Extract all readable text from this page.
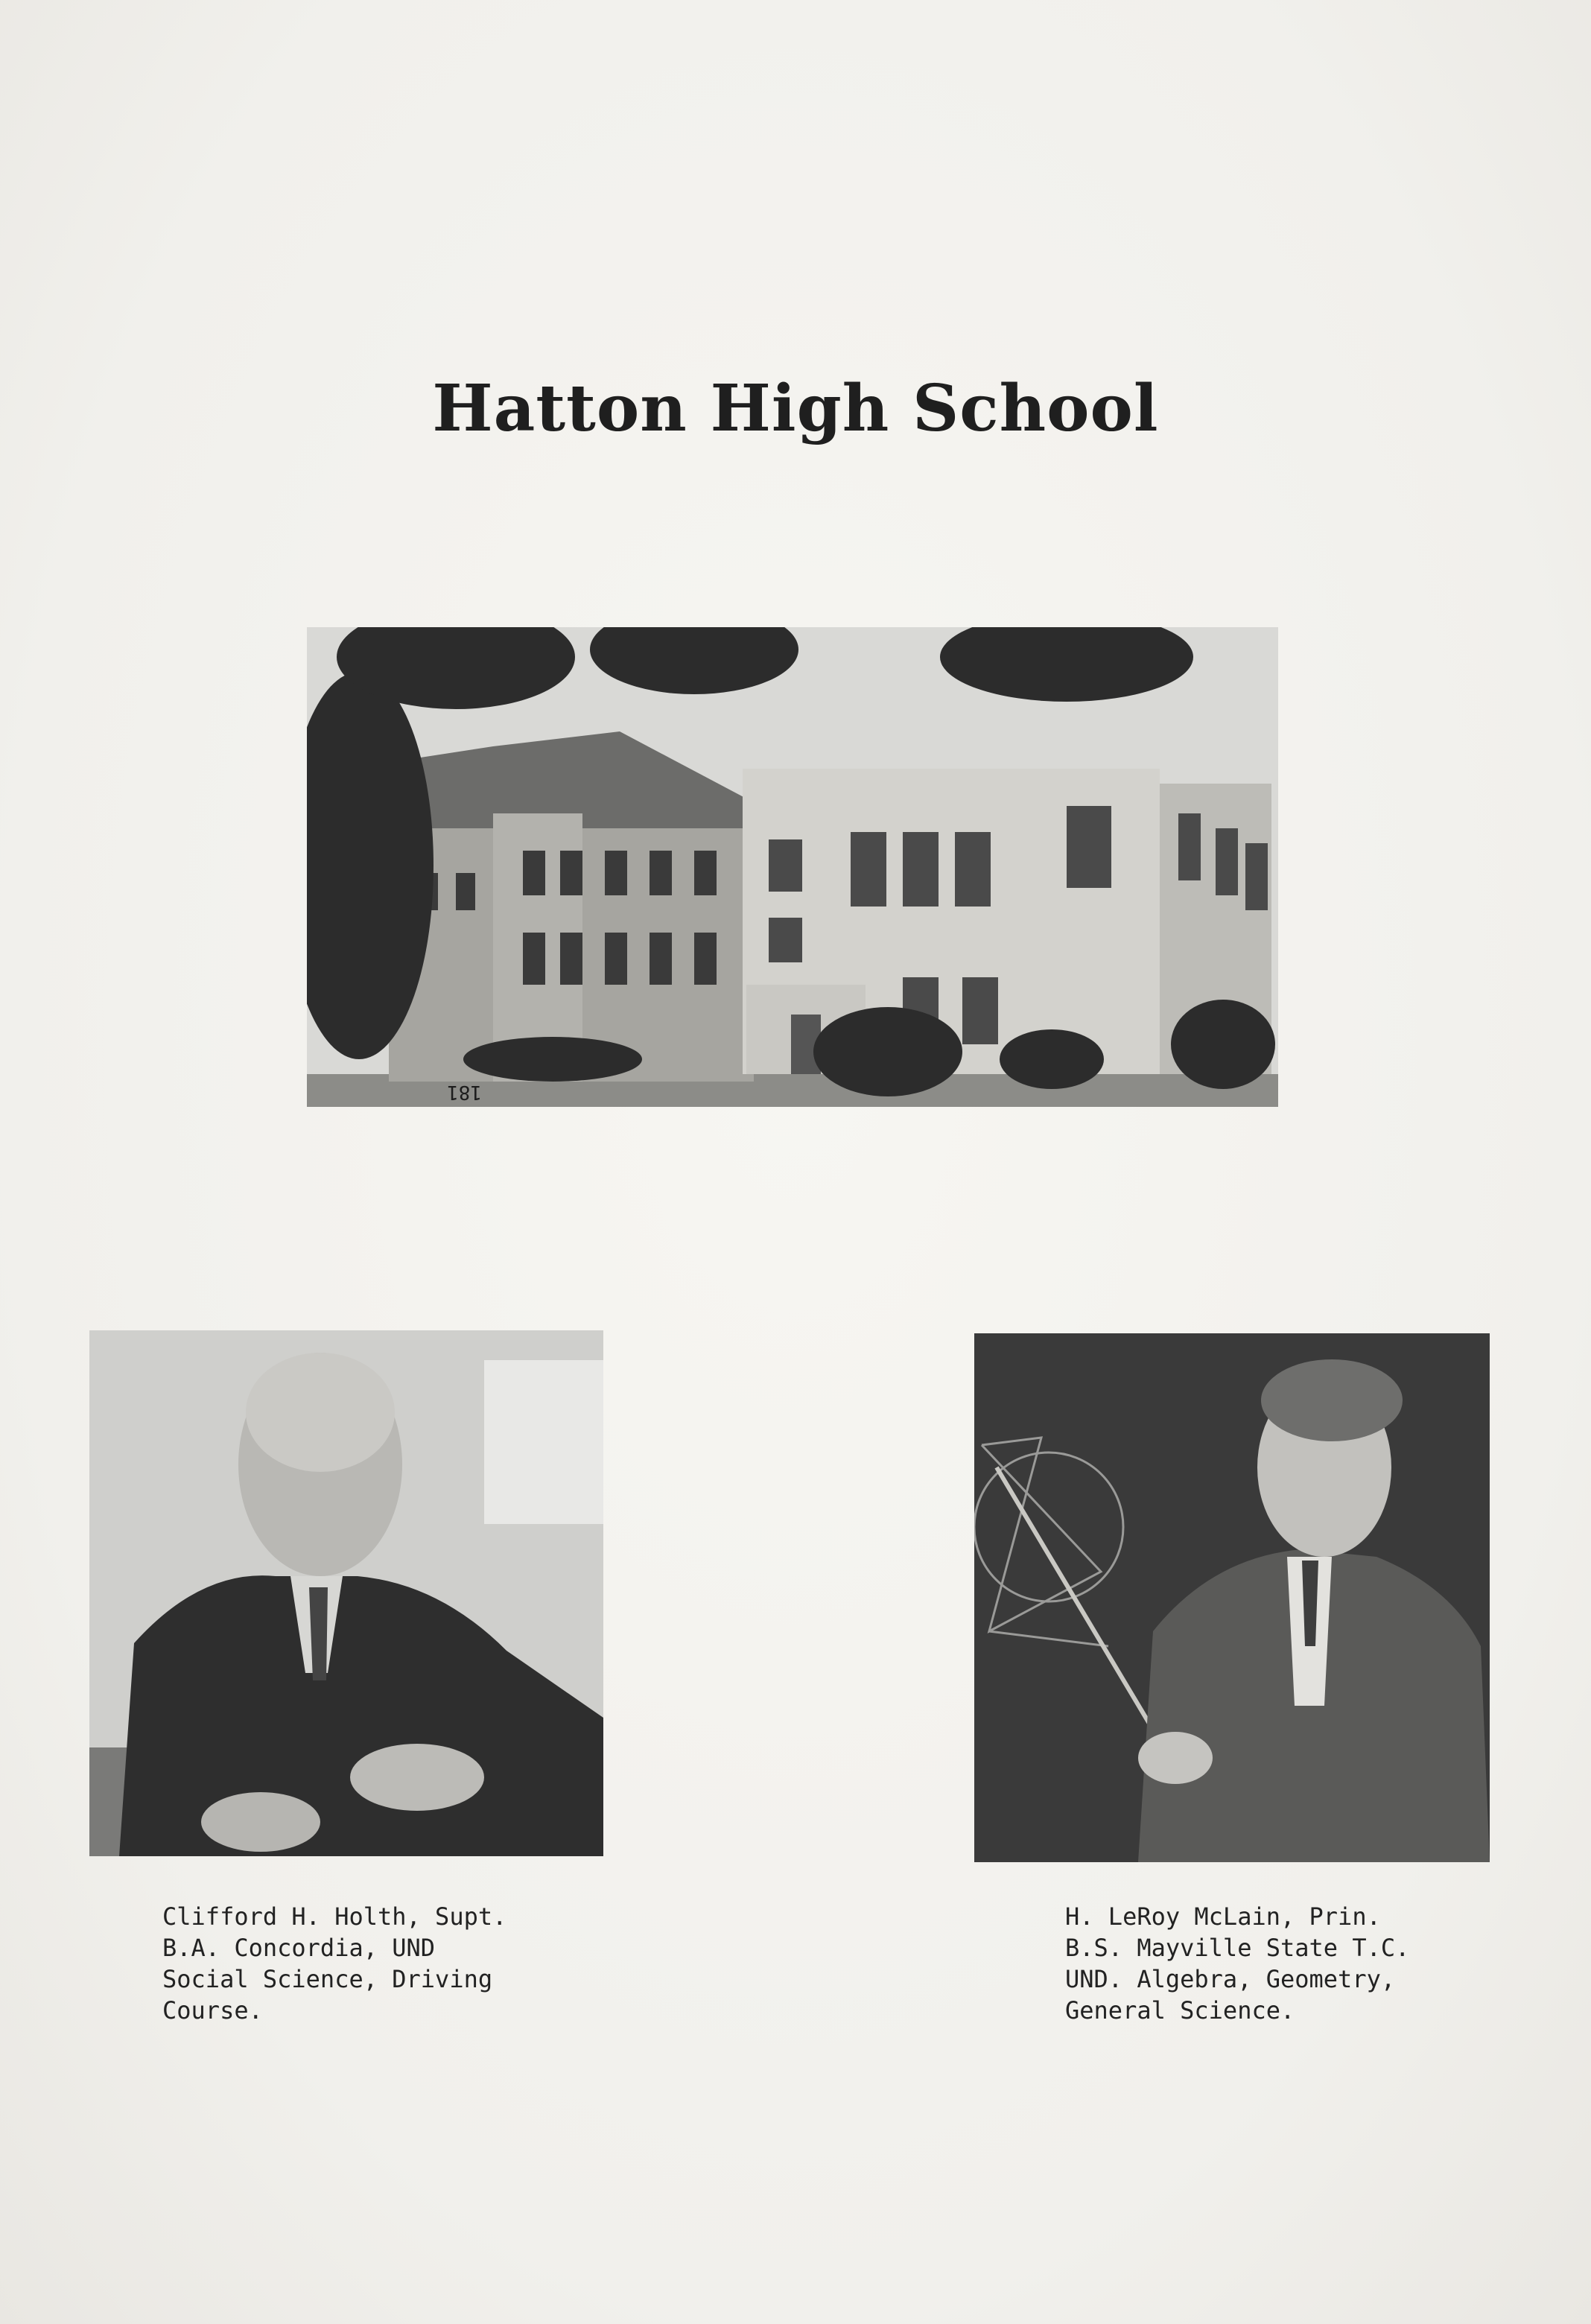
Hatton High School
181
Clifford H. Holth, Supt.
B.A. Concordia, UND
Social Science, Driving
Course.
H. LeRoy McLain, Prin.
B.S. Mayville State T.C.
UND. Algebra, Geometry,
General Science.
